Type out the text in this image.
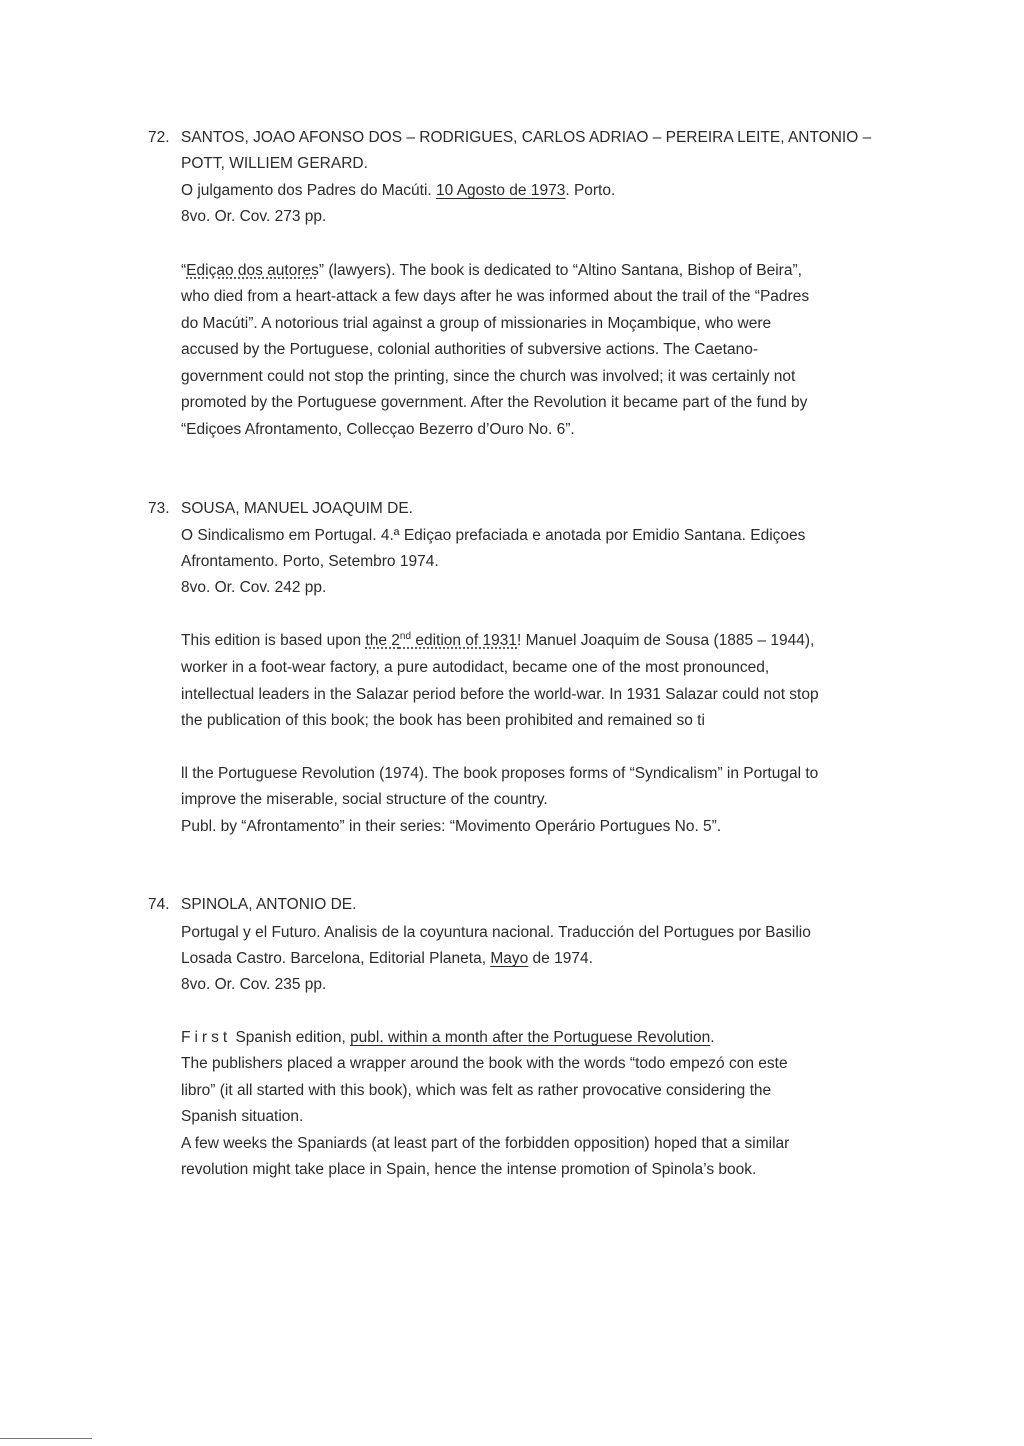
72. SANTOS, JOAO AFONSO DOS – RODRIGUES, CARLOS ADRIAO – PEREIRA LEITE, ANTONIO –
POTT, WILLIEM GERARD.
O julgamento dos Padres do Macúti. 10 Agosto de 1973. Porto.
8vo. Or. Cov. 273 pp.
“Ediçao dos autores” (lawyers). The book is dedicated to “Altino Santana, Bishop of Beira”,
who died from a heart-attack a few days after he was informed about the trail of the “Padres
do Macúti”. A notorious trial against a group of missionaries in Moçambique, who were
accused by the Portuguese, colonial authorities of subversive actions. The Caetano-
government could not stop the printing, since the church was involved; it was certainly not
promoted by the Portuguese government. After the Revolution it became part of the fund by
“Ediçoes Afrontamento, Collecçao Bezerro d’Ouro No. 6”.
73. SOUSA, MANUEL JOAQUIM DE.
O Sindicalismo em Portugal. 4.ª Ediçao prefaciada e anotada por Emidio Santana. Ediçoes
Afrontamento. Porto, Setembro 1974.
8vo. Or. Cov. 242 pp.
This edition is based upon the 2nd edition of 1931! Manuel Joaquim de Sousa (1885 – 1944),
worker in a foot-wear factory, a pure autodidact, became one of the most pronounced,
intellectual leaders in the Salazar period before the world-war. In 1931 Salazar could not stop
the publication of this book; the book has been prohibited and remained so ti
ll the Portuguese Revolution (1974). The book proposes forms of “Syndicalism” in Portugal to
improve the miserable, social structure of the country.
Publ. by “Afrontamento” in their series: “Movimento Operário Portugues No. 5”.
74. SPINOLA, ANTONIO DE.
Portugal y el Futuro. Analisis de la coyuntura nacional. Traducción del Portugues por Basilio
Losada Castro. Barcelona, Editorial Planeta, Mayo de 1974.
8vo. Or. Cov. 235 pp.
First Spanish edition, publ. within a month after the Portuguese Revolution.
The publishers placed a wrapper around the book with the words “todo empezó con este
libro” (it all started with this book), which was felt as rather provocative considering the
Spanish situation.
A few weeks the Spaniards (at least part of the forbidden opposition) hoped that a similar
revolution might take place in Spain, hence the intense promotion of Spinola’s book.
